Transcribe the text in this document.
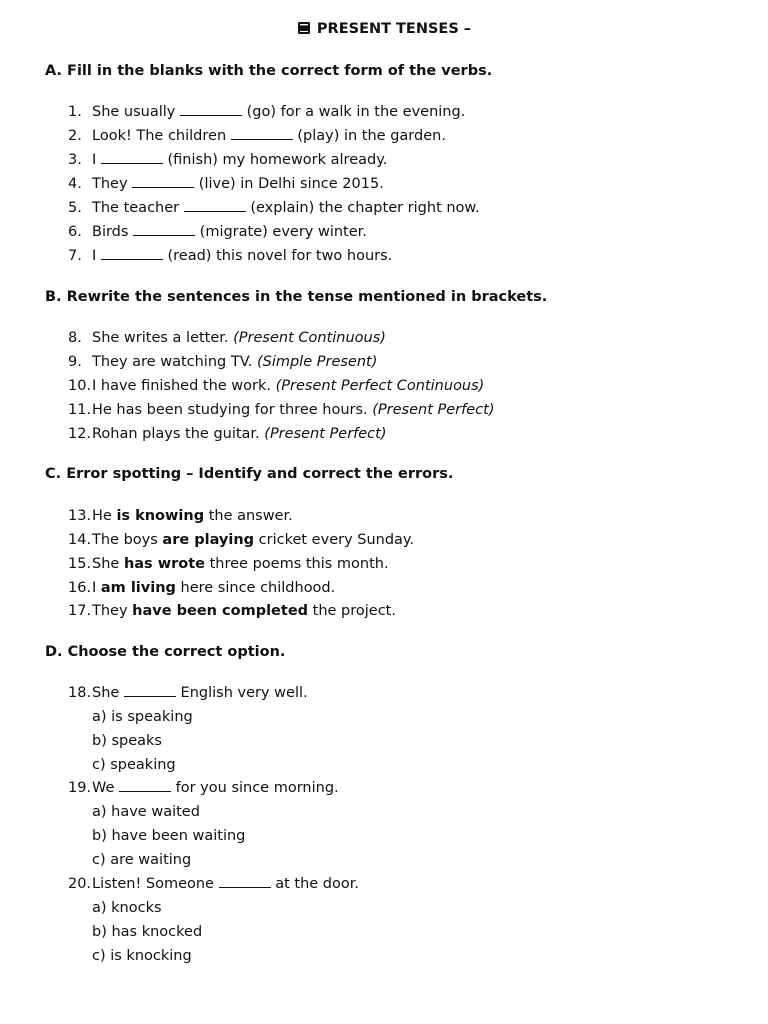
PRESENT TENSES –
A. Fill in the blanks with the correct form of the verbs.
1. She usually	(go) for a walk in the evening.
2. Look! The children	(play) in the garden.
3. I	(finish) my homework already.
4. They	(live) in Delhi since 2015.
5. The teacher	(explain) the chapter right now.
6. Birds	(migrate) every winter.
7. I	(read) this novel for two hours.
B. Rewrite the sentences in the tense mentioned in brackets.
8. She writes a letter. (Present Continuous)
9. They are watching TV. (Simple Present)
10.I have finished the work. (Present Perfect Continuous)
11.He has been studying for three hours. (Present Perfect)
12.Rohan plays the guitar. (Present Perfect)
C. Error spotting – Identify and correct the errors.
13.He is knowing the answer.
14.The boys are playing cricket every Sunday.
15.She has wrote three poems this month.
16.I am living here since childhood.
17.They have been completed the project.
D. Choose the correct option.
18.She	English very well.
a) is speaking
b) speaks
c) speaking
19.We	for you since morning.
a) have waited
b) have been waiting
c) are waiting
20.Listen! Someone	at the door.
a) knocks
b) has knocked
c) is knocking
